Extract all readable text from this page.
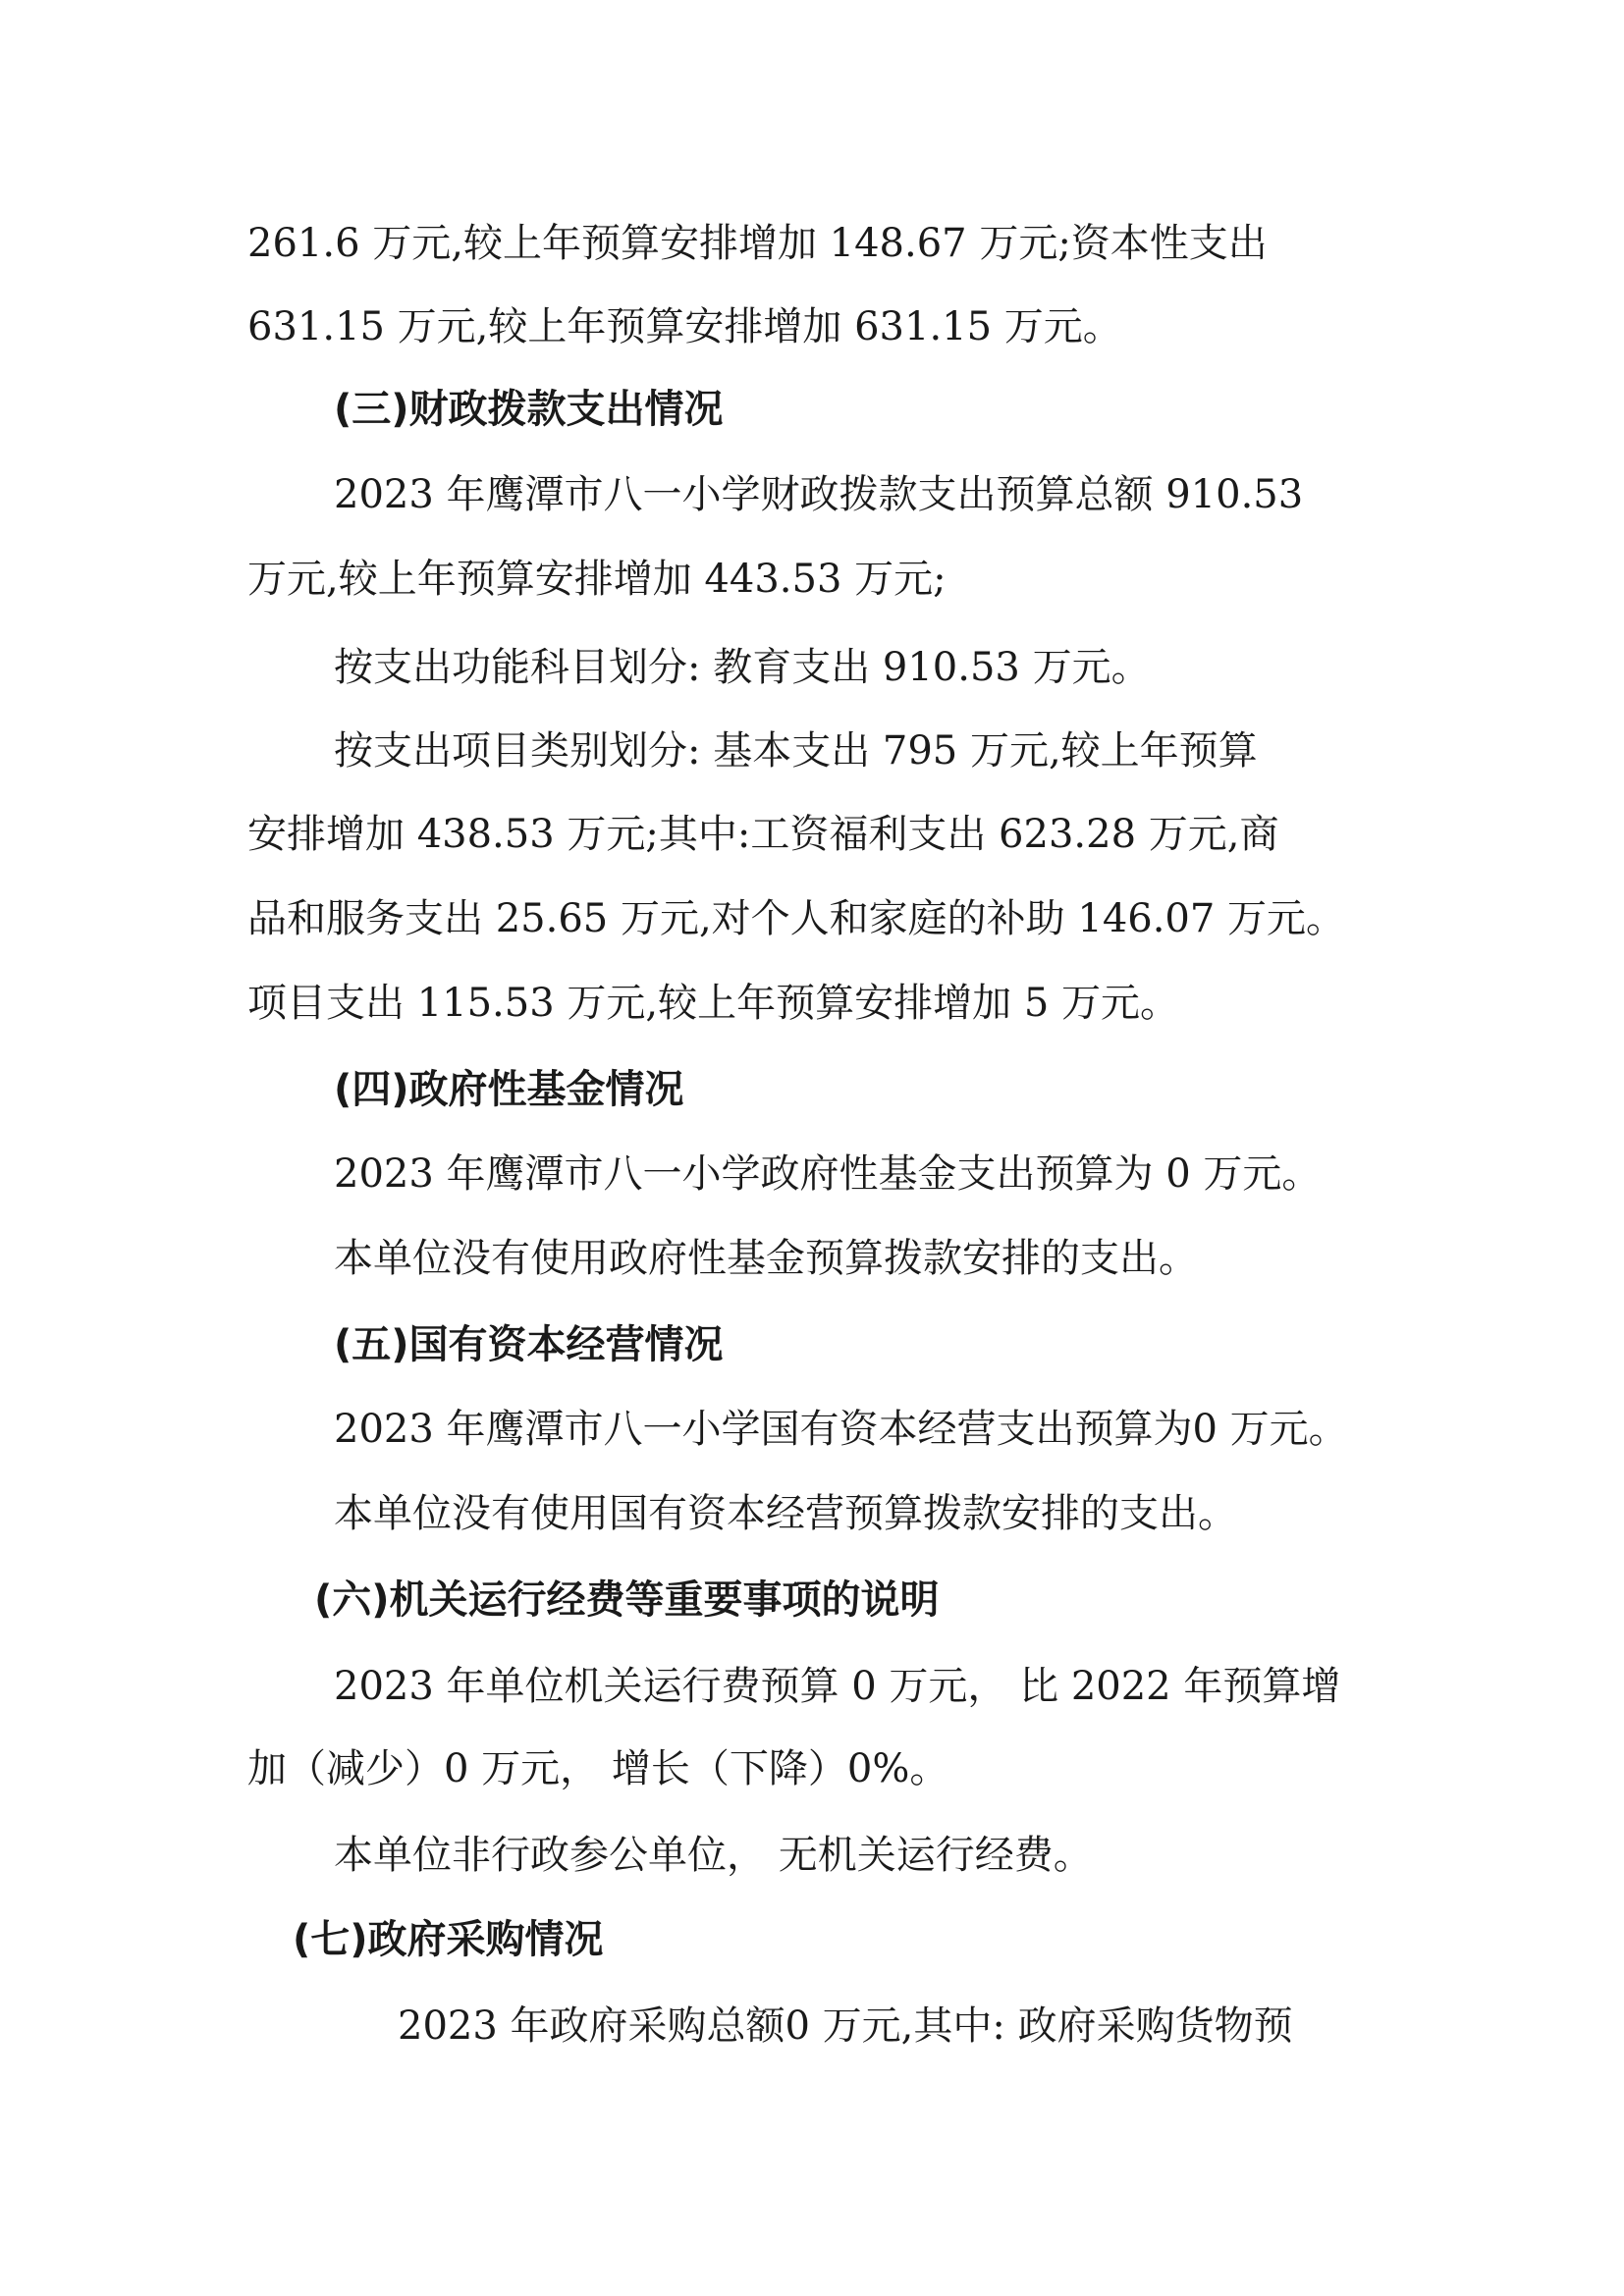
261.6 万元,较上年预算安排增加 148.67 万元;资本性支出
631.15 万元,较上年预算安排增加 631.15 万元。
(三)财政拨款支出情况
2023 年鹰潭市八一小学财政拨款支出预算总额 910.53
万元,较上年预算安排增加 443.53 万元;
按支出功能科目划分: 教育支出 910.53 万元。
按支出项目类别划分: 基本支出 795 万元,较上年预算
安排增加 438.53 万元;其中:工资福利支出 623.28 万元,商
品和服务支出 25.65 万元,对个人和家庭的补助 146.07 万元。
项目支出 115.53 万元,较上年预算安排增加 5 万元。
(四)政府性基金情况
2023 年鹰潭市八一小学政府性基金支出预算为 0 万元。
本单位没有使用政府性基金预算拨款安排的支出。
(五)国有资本经营情况
2023 年鹰潭市八一小学国有资本经营支出预算为0 万元。
本单位没有使用国有资本经营预算拨款安排的支出。
(六)机关运行经费等重要事项的说明
2023 年单位机关运行费预算 0 万元， 比 2022 年预算增
加（减少）0 万元， 增长（下降）0%。
本单位非行政参公单位， 无机关运行经费。
(七)政府采购情况
2023 年政府采购总额0 万元,其中: 政府采购货物预
